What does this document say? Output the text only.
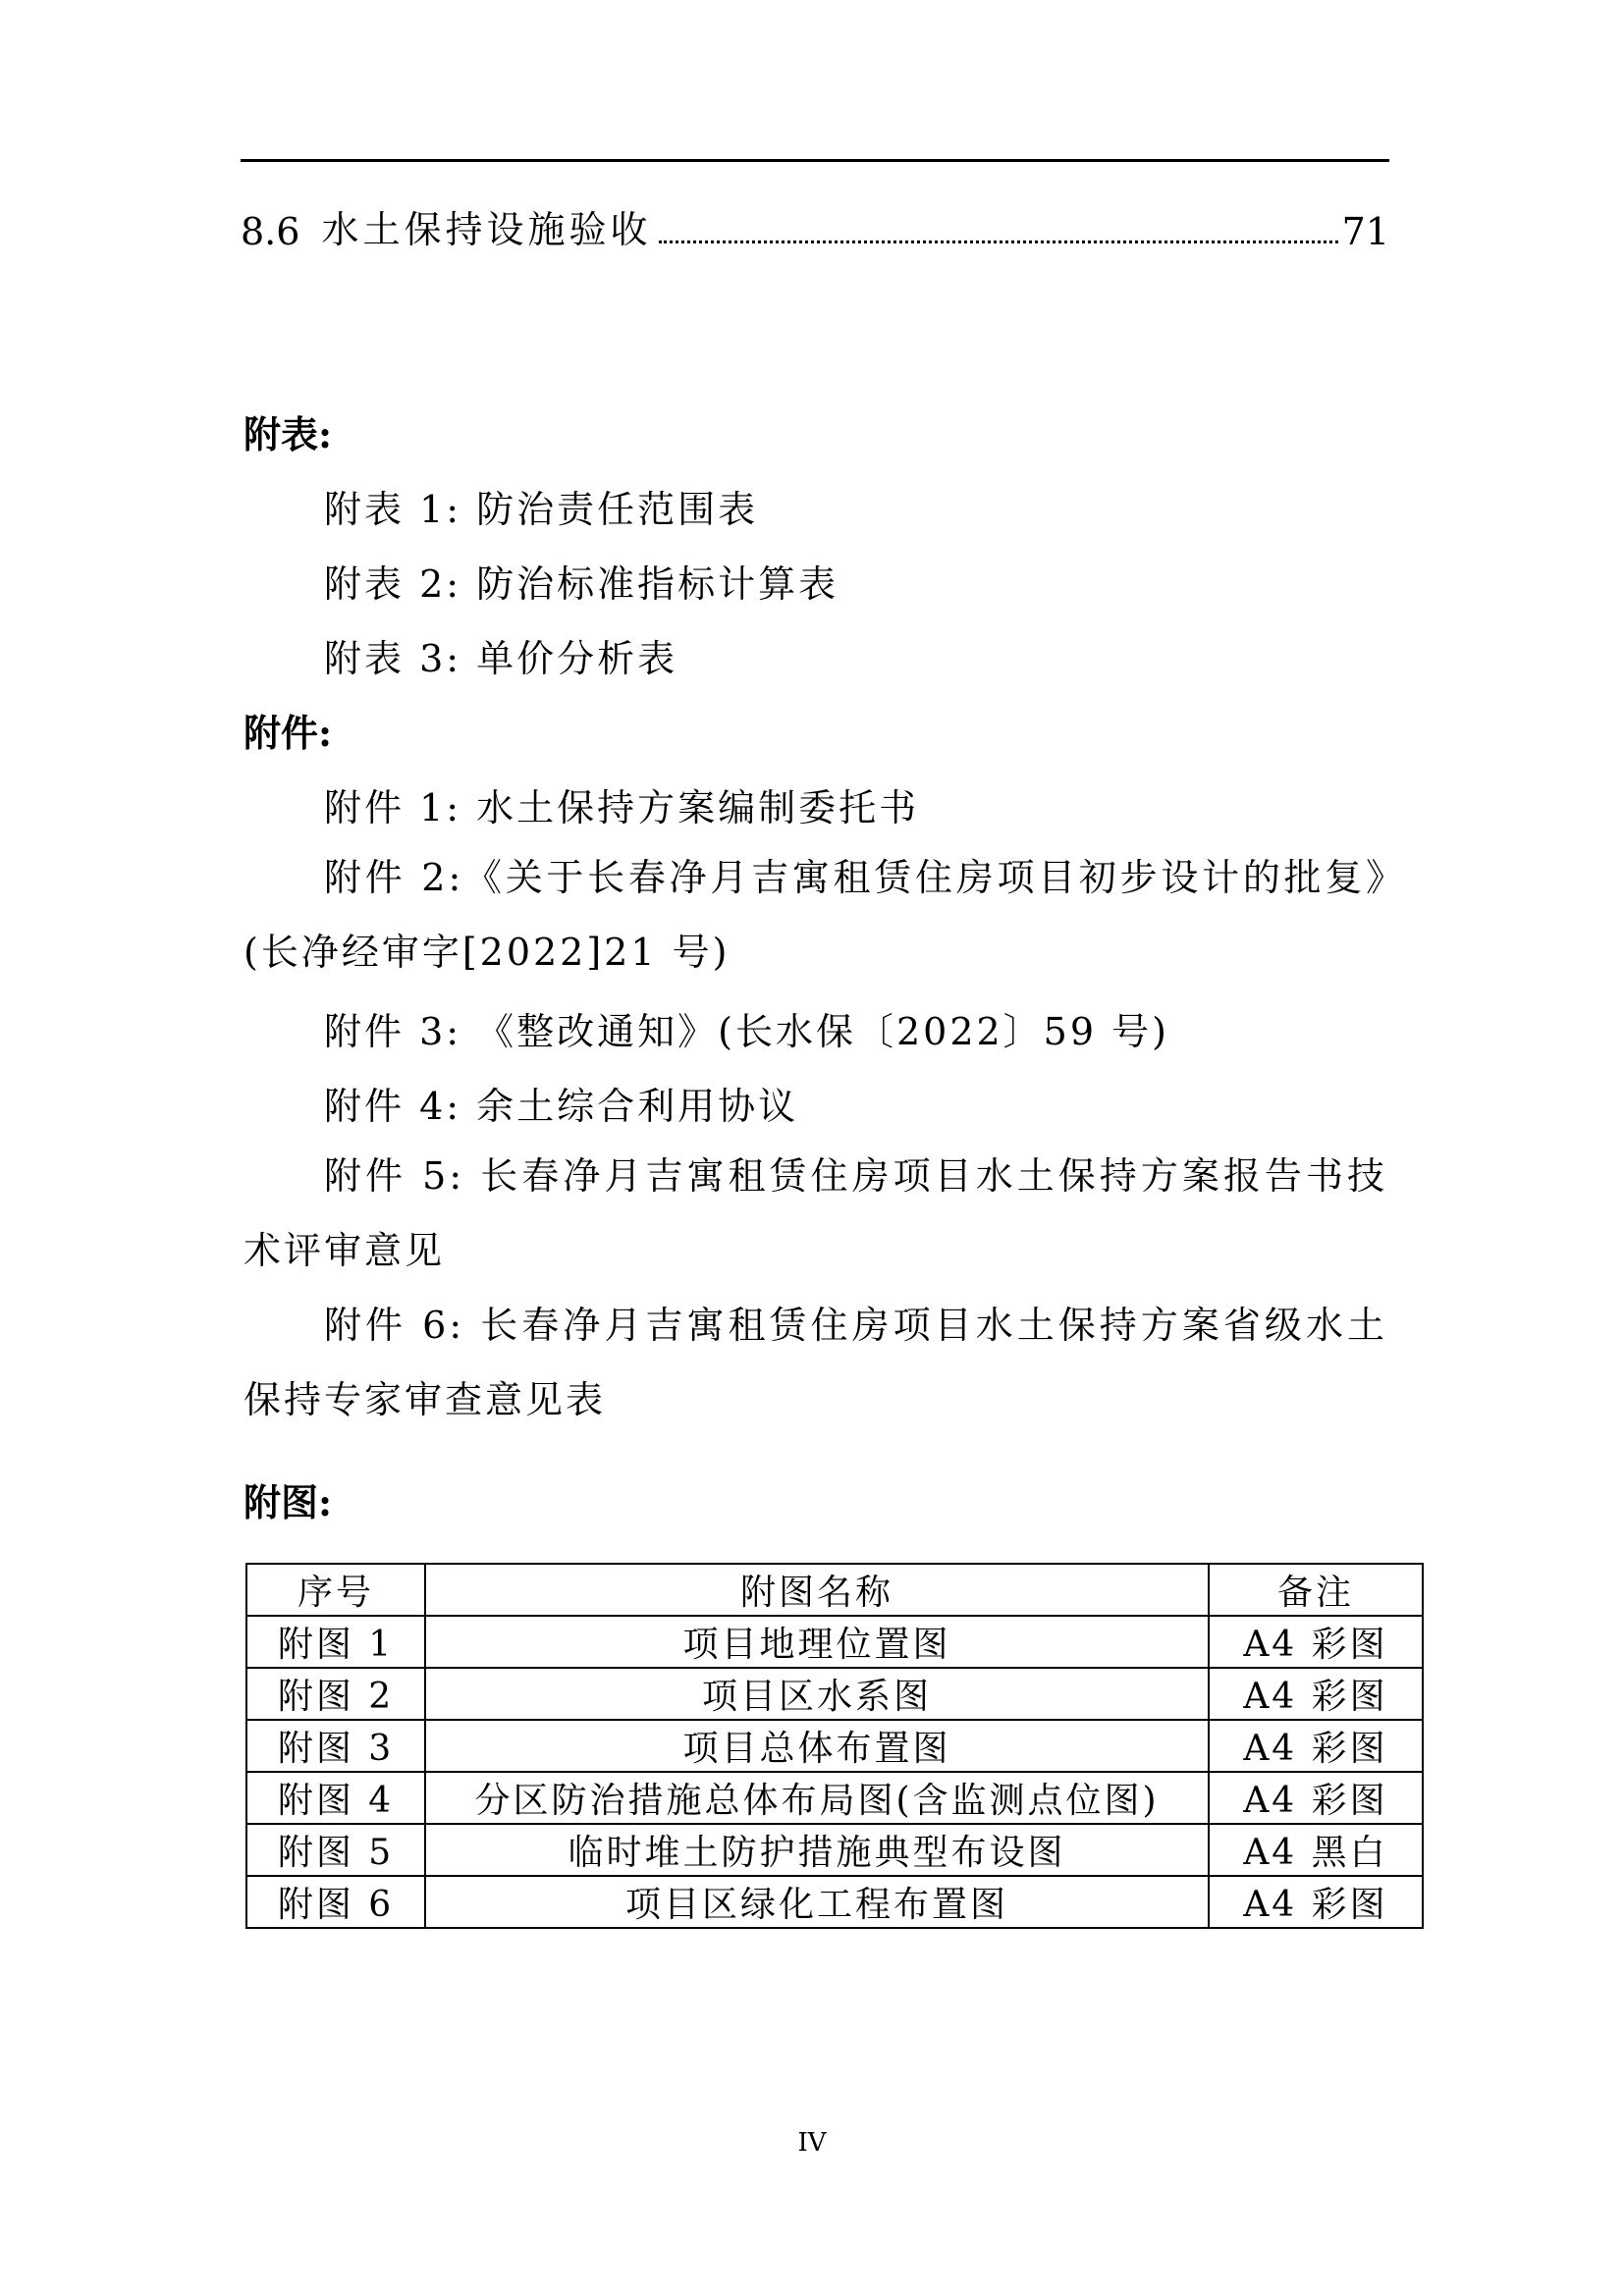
8.6 水土保持设施验收	71
附表:
附表 1: 防治责任范围表
附表 2: 防治标准指标计算表
附表 3: 单价分析表
附件:
附件 1: 水土保持方案编制委托书
附件 2:《关于长春净月吉寓租赁住房项目初步设计的批复》(长净经审字[2022]21 号)
附件 3: 《整改通知》(长水保〔2022〕59 号)
附件 4: 余土综合利用协议
附件 5: 长春净月吉寓租赁住房项目水土保持方案报告书技术评审意见
附件 6: 长春净月吉寓租赁住房项目水土保持方案省级水土保持专家审查意见表
附图:
序号	附图名称	备注
附图 1	项目地理位置图	A4 彩图
附图 2	项目区水系图	A4 彩图
附图 3	项目总体布置图	A4 彩图
附图 4	分区防治措施总体布局图(含监测点位图)	A4 彩图
附图 5	临时堆土防护措施典型布设图	A4 黑白
附图 6	项目区绿化工程布置图	A4 彩图
IV
